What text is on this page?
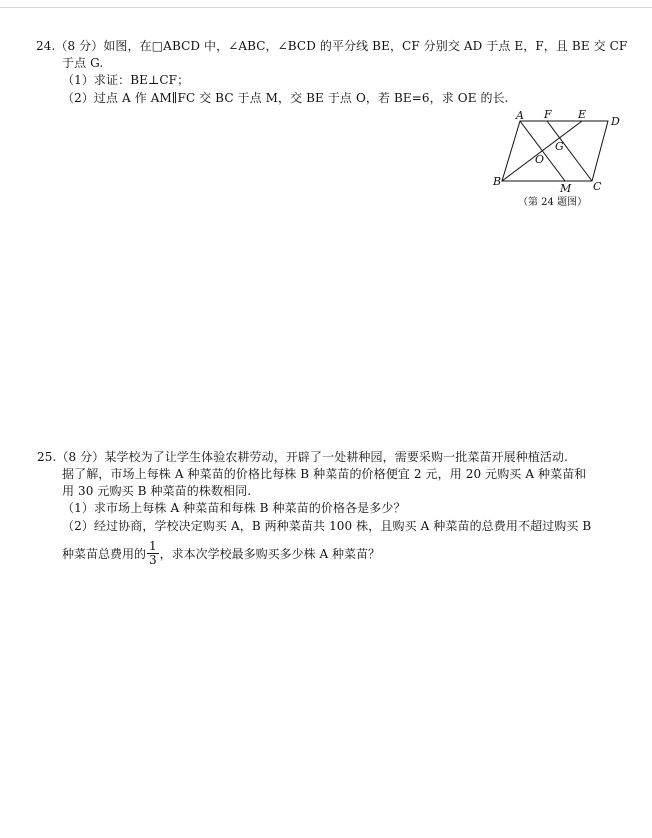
24.（8 分）如图，在□ABCD 中，∠ABC，∠BCD 的平分线 BE，CF 分别交 AD 于点 E，F，且 BE 交 CF
于点 G.
（1）求证：BE⊥CF；
（2）过点 A 作 AM∥FC 交 BC 于点 M，交 BE 于点 O，若 BE=6，求 OE 的长.
A F E
D
G
O
B
M C
（第 24 题图）
25.（8 分）某学校为了让学生体验农耕劳动，开辟了一处耕种园，需要采购一批菜苗开展种植活动.
据了解，市场上每株 A 种菜苗的价格比每株 B 种菜苗的价格便宜 2 元，用 20 元购买 A 种菜苗和
用 30 元购买 B 种菜苗的株数相同.
（1）求市场上每株 A 种菜苗和每株 B 种菜苗的价格各是多少？
（2）经过协商，学校决定购买 A，B 两种菜苗共 100 株，且购买 A 种菜苗的总费用不超过购买 B
种菜苗总费用的 $\frac{1}{3}$ ，求本次学校最多购买多少株 A 种菜苗？
